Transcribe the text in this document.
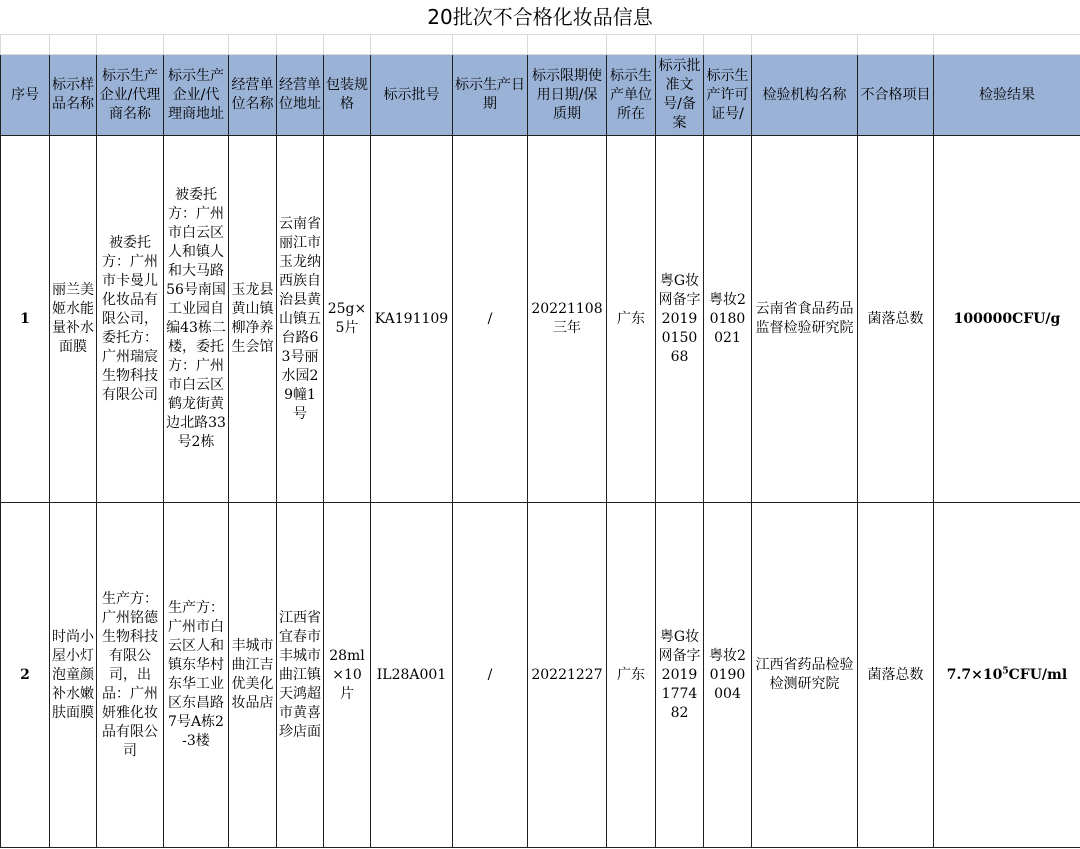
20批次不合格化妆品信息

序号	标示样品名称	标示生产企业/代理商名称	标示生产企业/代理商地址	经营单位名称	经营单位地址	包装规格	标示批号	标示生产日期	标示限期使用日期/保质期	标示生产单位所在	标示批准文号/备案	标示生产许可证号/	检验机构名称	不合格项目	检验结果
1	丽兰美姬水能量补水面膜	被委托方：广州市卡曼儿化妆品有限公司，委托方：广州瑞宸生物科技有限公司	被委托方：广州市白云区人和镇人和大马路56号南国工业园自编43栋二楼，委托方：广州市白云区鹤龙街黄边北路33号2栋	玉龙县黄山镇柳净养生会馆	云南省丽江市玉龙纳西族自治县黄山镇五台路63号丽水园29幢1号	25g×5片	KA191109	/	20221108三年	广东	粤G妆网备字2019015068	粤妆20180021	云南省食品药品监督检验研究院	菌落总数	100000CFU/g
2	时尚小屋小灯泡童颜补水嫩肤面膜	生产方：广州铭德生物科技有限公司，出品：广州妍雅化妆品有限公司	生产方：广州市白云区人和镇东华村东华工业区东昌路7号A栋2-3楼	丰城市曲江吉优美化妆品店	江西省宜春市丰城市曲江镇天鸿超市黄喜珍店面	28ml×10片	IL28A001	/	20221227	广东	粤G妆网备字2019177482	粤妆20190004	江西省药品检验检测研究院	菌落总数	$7.7\times 10^5CFU/ml$
